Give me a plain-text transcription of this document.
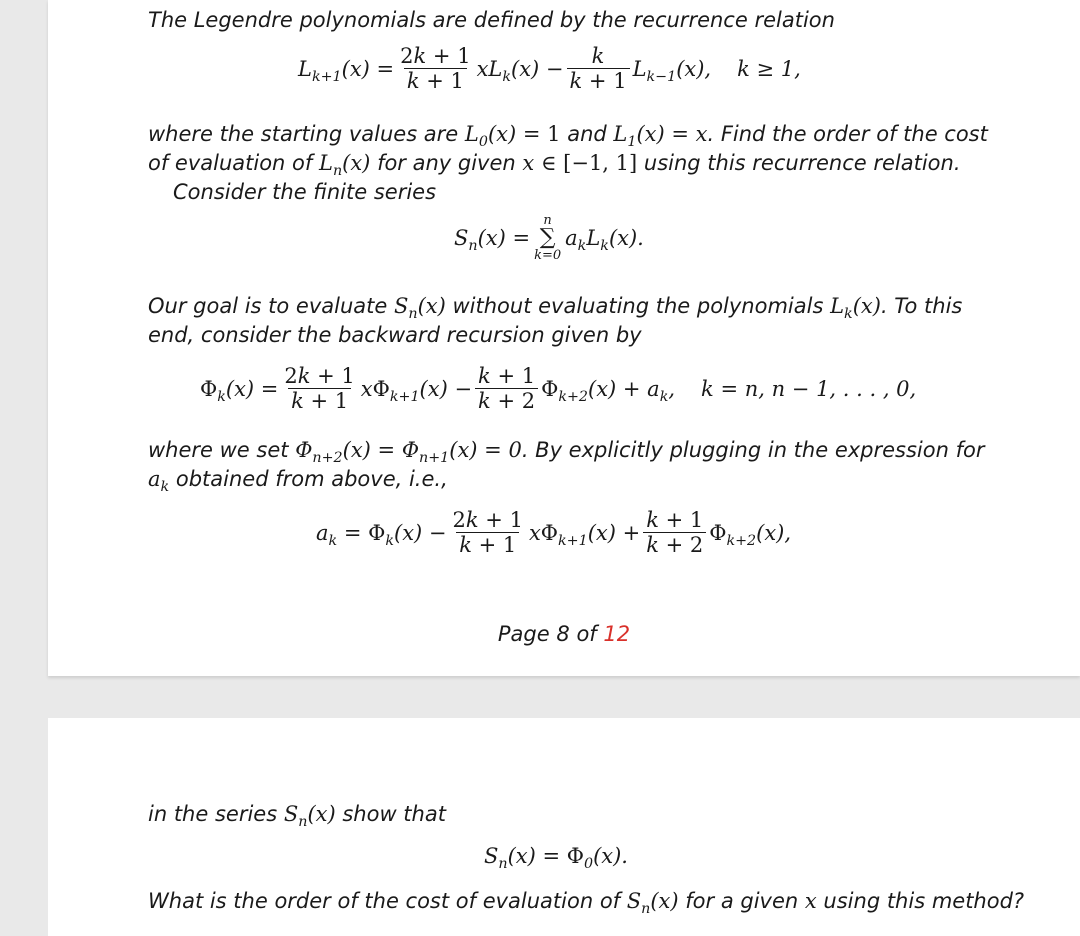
The Legendre polynomials are defined by the recurrence relation

$L_{k+1}(x) = \frac{2k + 1}{k + 1} xL_k(x) - \frac{k}{k + 1} L_{k-1}(x)$, k ≥ 1,

where the starting values are $L_0(x) = 1$ and $L_1(x) = x$. Find the order of the cost

of evaluation of $L_n(x)$ for any given x ∈ [−1, 1] using this recurrence relation.

Consider the finite series

$S_n(x)$ =
n
∑
k=0
$a_kL_k(x)$.

Our goal is to evaluate $S_n(x)$ without evaluating the polynomials $L_k(x)$. To this

end, consider the backward recursion given by

$\Phi_k(x) = \frac{2k + 1}{k + 1} x\Phi_{k+1}(x) - \frac{k + 1}{k + 2} \Phi_{k+2}(x) + a_k$, k = n, n − 1, . . . , 0,

where we set $\Phi_{n+2}(x) = \Phi_{n+1}(x) = 0$. By explicitly plugging in the expression for

$a_k$ obtained from above, i.e.,

$a_k = \Phi_k(x) - \frac{2k + 1}{k + 1} x\Phi_{k+1}(x) + \frac{k + 1}{k + 2} \Phi_{k+2}(x)$,
Page 8 of 12

in the series $S_n(x)$ show that

$S_n(x) = \Phi_0(x)$.

What is the order of the cost of evaluation of $S_n(x)$ for a given x using this method?
